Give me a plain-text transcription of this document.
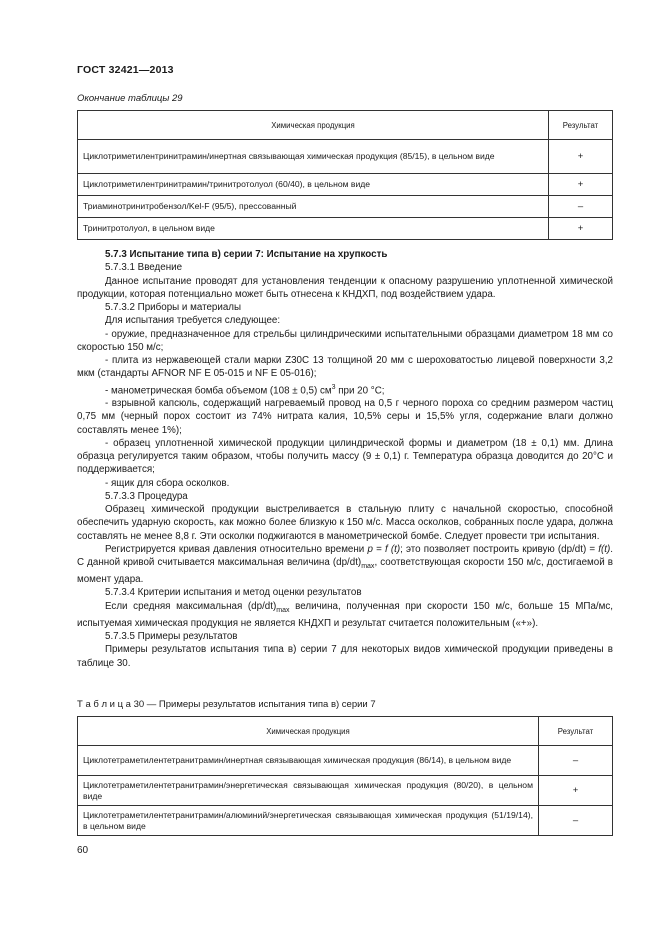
ГОСТ 32421—2013
Окончание таблицы 29
Химическая продукция	Результат
Циклотриметилентринитрамин/инертная связывающая химическая продукция (85/15), в цельном виде	+
Циклотриметилентринитрамин/тринитротолуол (60/40), в цельном виде	+
Триаминотринитробензол/Kel-F (95/5), прессованный	–
Тринитротолуол, в цельном виде	+

5.7.3 Испытание типа в) серии 7: Испытание на хрупкость

5.7.3.1 Введение

Данное испытание проводят для установления тенденции к опасному разрушению уплотненной химической продукции, которая потенциально может быть отнесена к КНДХП, под воздействием удара.

5.7.3.2 Приборы и материалы

Для испытания требуется следующее:

- оружие, предназначенное для стрельбы цилиндрическими испытательными образцами диаметром 18 мм со скоростью 150 м/с;

- плита из нержавеющей стали марки Z30C 13 толщиной 20 мм с шероховатостью лицевой поверхности 3,2 мкм (стандарты AFNOR NF E 05-015 и NF E 05-016);

- манометрическая бомба объемом (108 ± 0,5) $см^3$ при 20 °С;

- взрывной капсюль, содержащий нагреваемый провод на 0,5 г черного пороха со средним размером частиц 0,75 мм (черный порох состоит из 74% нитрата калия, 10,5% серы и 15,5% угля, содержание влаги должно составлять менее 1%);

- образец уплотненной химической продукции цилиндрической формы и диаметром (18 ± 0,1) мм. Длина образца регулируется таким образом, чтобы получить массу (9 ± 0,1) г. Температура образца доводится до 20°С и поддерживается;

- ящик для сбора осколков.

5.7.3.3 Процедура

Образец химической продукции выстреливается в стальную плиту с начальной скоростью, способной обеспечить ударную скорость, как можно более близкую к 150 м/с. Масса осколков, собранных после удара, должна составлять не менее 8,8 г. Эти осколки поджигаются в манометрической бомбе. Следует провести три испытания.

Регистрируется кривая давления относительно времени p = f (t); это позволяет построить кривую (dp/dt) = f(t). С данной кривой считывается максимальная величина $(dp/dt)_{max}$, соответствующая скорости 150 м/с, достигаемой в момент удара.

5.7.3.4 Критерии испытания и метод оценки результатов

Если средняя максимальная $(dp/dt)_{max}$ величина, полученная при скорости 150 м/с, больше 15 МПа/мс, испытуемая химическая продукция не является КНДХП и результат считается положительным («+»).

5.7.3.5 Примеры результатов

Примеры результатов испытания типа в) серии 7 для некоторых видов химической продукции приведены в таблице 30.

Т а б л и ц а 30 — Примеры результатов испытания типа в) серии 7
Химическая продукция	Результат
Циклотетраметилентетранитрамин/инертная связывающая химическая продукция (86/14), в цельном виде	–
Циклотетраметилентетранитрамин/энергетическая связывающая химическая продукция (80/20), в цельном виде	+
Циклотетраметилентетранитрамин/алюминий/энергетическая связывающая химическая продукция (51/19/14), в цельном виде	–
60
